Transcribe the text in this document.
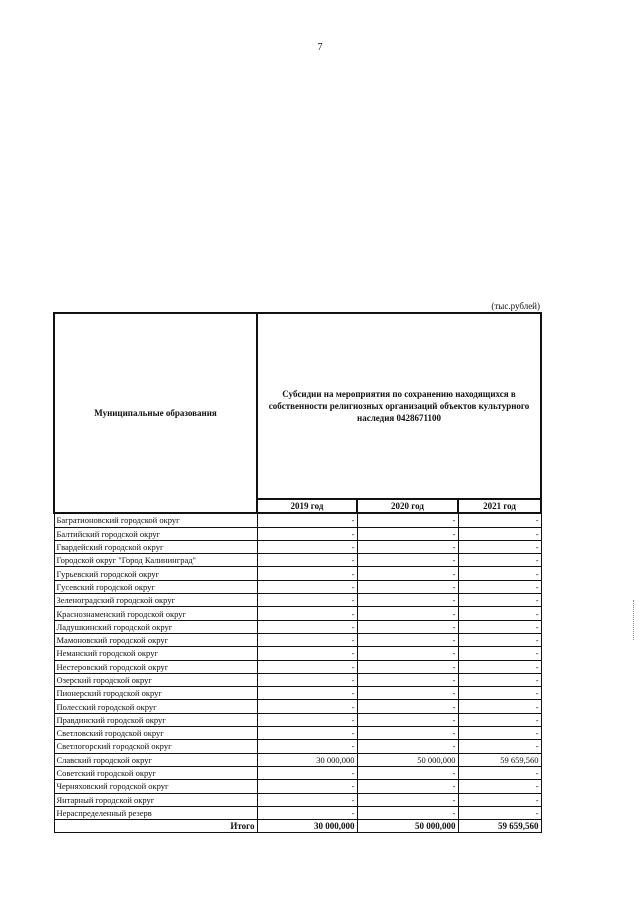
7
(тыс.рублей)
Муниципальные образования	Субсидии на мероприятия по сохранению находящихся в собственности религиозных организаций объектов культурного наследия 0428671100		
	2019 год	2020 год	2021 год
Багратионовский городской округ	-	-	-
Балтийский городской округ	-	-	-
Гвардейский городской округ	-	-	-
Городской округ "Город Калининград"	-	-	-
Гурьевский городской округ	-	-	-
Гусевский городской округ	-	-	-
Зеленоградский городской округ	-	-	-
Краснознаменский городской округ	-	-	-
Ладушкинский городской округ	-	-	-
Мамоновский городской округ	-	-	-
Неманский городской округ	-	-	-
Нестеровский городской округ	-	-	-
Озерский городской округ	-	-	-
Пионерский городской округ	-	-	-
Полесский городской округ	-	-	-
Правдинский городской округ	-	-	-
Светловский городской округ	-	-	-
Светлогорский городской округ	-	-	-
Славский городской округ	30 000,000	50 000,000	59 659,560
Советский городской округ	-	-	-
Черняховский городской округ	-	-	-
Янтарный городской округ	-	-	-
Нераспределенный резерв	-	-	-
Итого	30 000,000	50 000,000	59 659,560
